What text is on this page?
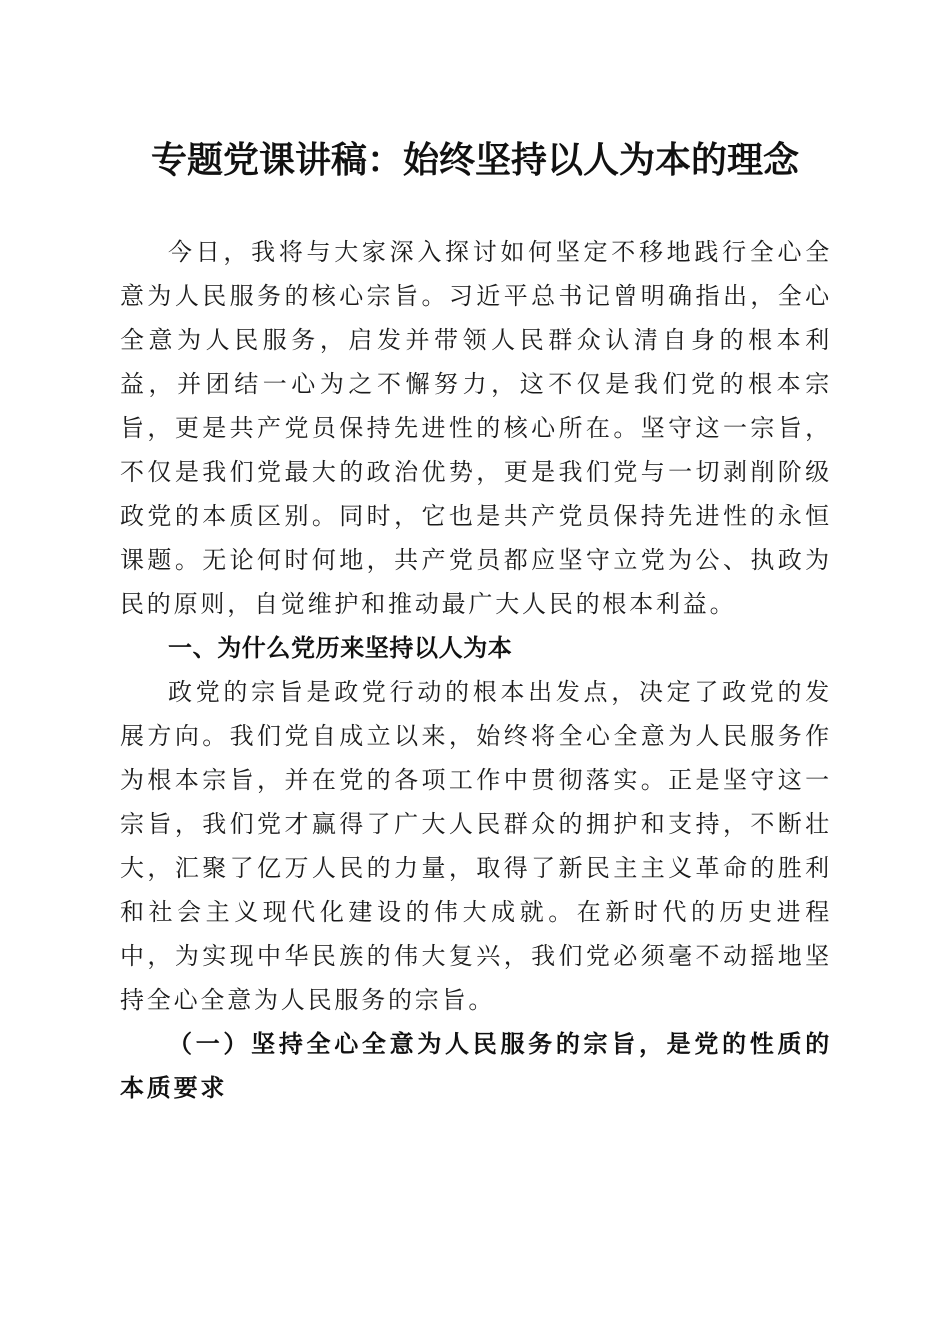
专题党课讲稿：始终坚持以人为本的理念

今日，我将与大家深入探讨如何坚定不移地践行全心全意为人民服务的核心宗旨。习近平总书记曾明确指出，全心全意为人民服务，启发并带领人民群众认清自身的根本利益，并团结一心为之不懈努力，这不仅是我们党的根本宗旨，更是共产党员保持先进性的核心所在。坚守这一宗旨，不仅是我们党最大的政治优势，更是我们党与一切剥削阶级政党的本质区别。同时，它也是共产党员保持先进性的永恒课题。无论何时何地，共产党员都应坚守立党为公、执政为民的原则，自觉维护和推动最广大人民的根本利益。

一、为什么党历来坚持以人为本

政党的宗旨是政党行动的根本出发点，决定了政党的发展方向。我们党自成立以来，始终将全心全意为人民服务作为根本宗旨，并在党的各项工作中贯彻落实。正是坚守这一宗旨，我们党才赢得了广大人民群众的拥护和支持，不断壮大，汇聚了亿万人民的力量，取得了新民主主义革命的胜利和社会主义现代化建设的伟大成就。在新时代的历史进程中，为实现中华民族的伟大复兴，我们党必须毫不动摇地坚持全心全意为人民服务的宗旨。

（一）坚持全心全意为人民服务的宗旨，是党的性质的本质要求
